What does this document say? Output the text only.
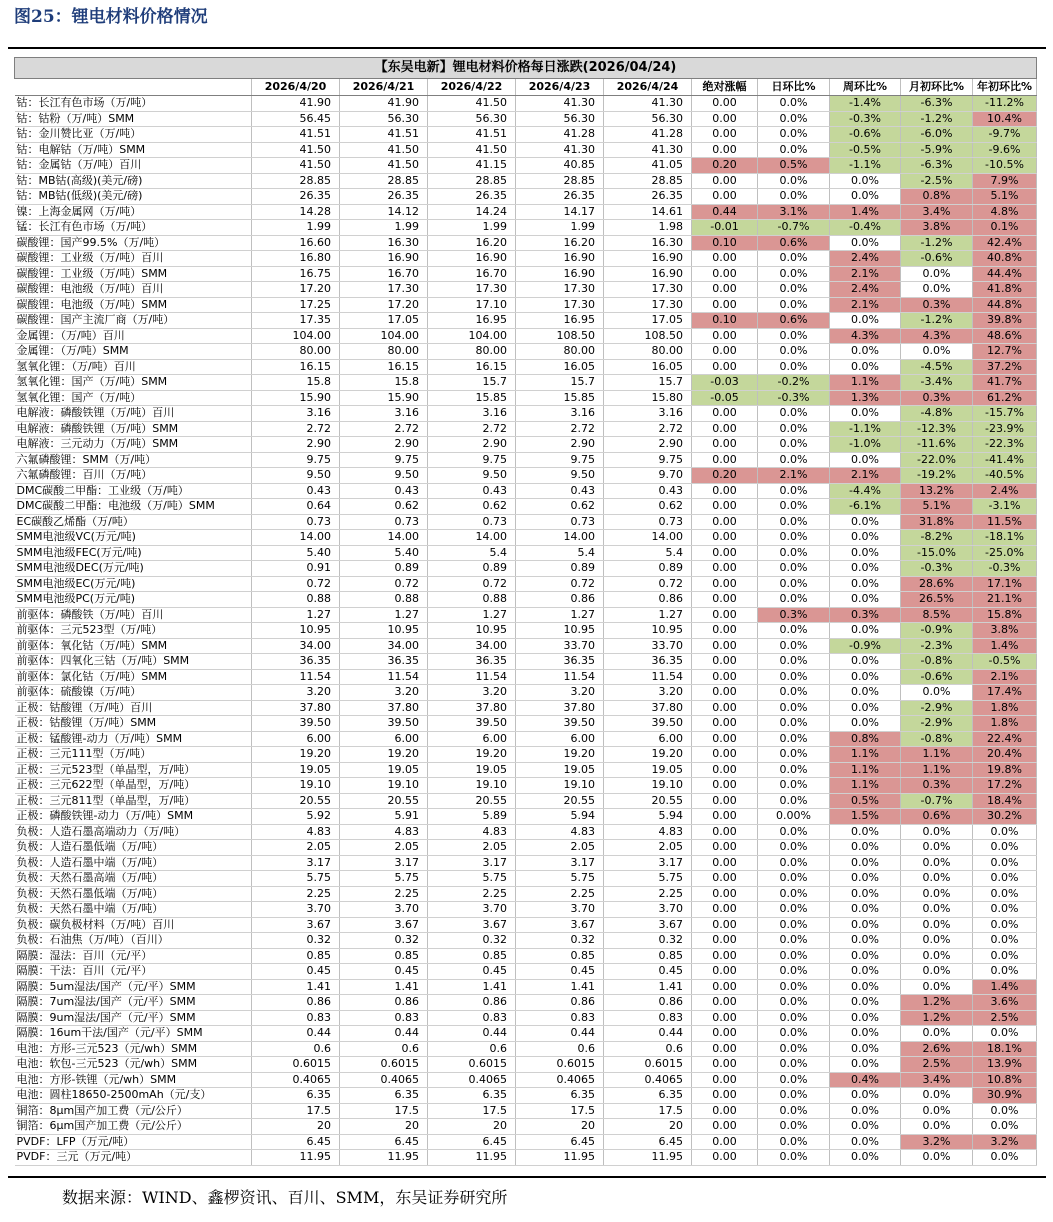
图25：锂电材料价格情况
【东吴电新】锂电材料价格每日涨跌(2026/04/24)										
	2026/4/20	2026/4/21	2026/4/22	2026/4/23	2026/4/24	绝对涨幅	日环比%	周环比%	月初环比%	年初环比%
钴：长江有色市场（万/吨）	41.90	41.90	41.50	41.30	41.30	0.00	0.0%	-1.4%	-6.3%	-11.2%
钴：钴粉（万/吨）SMM	56.45	56.30	56.30	56.30	56.30	0.00	0.0%	-0.3%	-1.2%	10.4%
钴：金川赞比亚（万/吨）	41.51	41.51	41.51	41.28	41.28	0.00	0.0%	-0.6%	-6.0%	-9.7%
钴：电解钴（万/吨）SMM	41.50	41.50	41.50	41.30	41.30	0.00	0.0%	-0.5%	-5.9%	-9.6%
钴：金属钴（万/吨）百川	41.50	41.50	41.15	40.85	41.05	0.20	0.5%	-1.1%	-6.3%	-10.5%
钴：MB钴(高级)(美元/磅)	28.85	28.85	28.85	28.85	28.85	0.00	0.0%	0.0%	-2.5%	7.9%
钴：MB钴(低级)(美元/磅)	26.35	26.35	26.35	26.35	26.35	0.00	0.0%	0.0%	0.8%	5.1%
镍：上海金属网（万/吨）	14.28	14.12	14.24	14.17	14.61	0.44	3.1%	1.4%	3.4%	4.8%
锰：长江有色市场（万/吨）	1.99	1.99	1.99	1.99	1.98	-0.01	-0.7%	-0.4%	3.8%	0.1%
碳酸锂：国产99.5%（万/吨）	16.60	16.30	16.20	16.20	16.30	0.10	0.6%	0.0%	-1.2%	42.4%
碳酸锂：工业级（万/吨）百川	16.80	16.90	16.90	16.90	16.90	0.00	0.0%	2.4%	-0.6%	40.8%
碳酸锂：工业级（万/吨）SMM	16.75	16.70	16.70	16.90	16.90	0.00	0.0%	2.1%	0.0%	44.4%
碳酸锂：电池级（万/吨）百川	17.20	17.30	17.30	17.30	17.30	0.00	0.0%	2.4%	0.0%	41.8%
碳酸锂：电池级（万/吨）SMM	17.25	17.20	17.10	17.30	17.30	0.00	0.0%	2.1%	0.3%	44.8%
碳酸锂：国产主流厂商（万/吨）	17.35	17.05	16.95	16.95	17.05	0.10	0.6%	0.0%	-1.2%	39.8%
金属锂：（万/吨）百川	104.00	104.00	104.00	108.50	108.50	0.00	0.0%	4.3%	4.3%	48.6%
金属锂：（万/吨）SMM	80.00	80.00	80.00	80.00	80.00	0.00	0.0%	0.0%	0.0%	12.7%
氢氧化锂：（万/吨）百川	16.15	16.15	16.15	16.05	16.05	0.00	0.0%	0.0%	-4.5%	37.2%
氢氧化锂：国产（万/吨）SMM	15.8	15.8	15.7	15.7	15.7	-0.03	-0.2%	1.1%	-3.4%	41.7%
氢氧化锂：国产（万/吨）	15.90	15.90	15.85	15.85	15.80	-0.05	-0.3%	1.3%	0.3%	61.2%
电解液：磷酸铁锂（万/吨）百川	3.16	3.16	3.16	3.16	3.16	0.00	0.0%	0.0%	-4.8%	-15.7%
电解液：磷酸铁锂（万/吨）SMM	2.72	2.72	2.72	2.72	2.72	0.00	0.0%	-1.1%	-12.3%	-23.9%
电解液：三元动力（万/吨）SMM	2.90	2.90	2.90	2.90	2.90	0.00	0.0%	-1.0%	-11.6%	-22.3%
六氟磷酸锂：SMM（万/吨）	9.75	9.75	9.75	9.75	9.75	0.00	0.0%	0.0%	-22.0%	-41.4%
六氟磷酸锂：百川（万/吨）	9.50	9.50	9.50	9.50	9.70	0.20	2.1%	2.1%	-19.2%	-40.5%
DMC碳酸二甲酯：工业级（万/吨）	0.43	0.43	0.43	0.43	0.43	0.00	0.0%	-4.4%	13.2%	2.4%
DMC碳酸二甲酯：电池级（万/吨）SMM	0.64	0.62	0.62	0.62	0.62	0.00	0.0%	-6.1%	5.1%	-3.1%
EC碳酸乙烯酯（万/吨）	0.73	0.73	0.73	0.73	0.73	0.00	0.0%	0.0%	31.8%	11.5%
SMM电池级VC(万元/吨)	14.00	14.00	14.00	14.00	14.00	0.00	0.0%	0.0%	-8.2%	-18.1%
SMM电池级FEC(万元/吨)	5.40	5.40	5.4	5.4	5.4	0.00	0.0%	0.0%	-15.0%	-25.0%
SMM电池级DEC(万元/吨)	0.91	0.89	0.89	0.89	0.89	0.00	0.0%	0.0%	-0.3%	-0.3%
SMM电池级EC(万元/吨)	0.72	0.72	0.72	0.72	0.72	0.00	0.0%	0.0%	28.6%	17.1%
SMM电池级PC(万元/吨)	0.88	0.88	0.88	0.86	0.86	0.00	0.0%	0.0%	26.5%	21.1%
前驱体：磷酸铁（万/吨）百川	1.27	1.27	1.27	1.27	1.27	0.00	0.3%	0.3%	8.5%	15.8%
前驱体：三元523型（万/吨）	10.95	10.95	10.95	10.95	10.95	0.00	0.0%	0.0%	-0.9%	3.8%
前驱体：氧化钴（万/吨）SMM	34.00	34.00	34.00	33.70	33.70	0.00	0.0%	-0.9%	-2.3%	1.4%
前驱体：四氧化三钴（万/吨）SMM	36.35	36.35	36.35	36.35	36.35	0.00	0.0%	0.0%	-0.8%	-0.5%
前驱体：氯化钴（万/吨）SMM	11.54	11.54	11.54	11.54	11.54	0.00	0.0%	0.0%	-0.6%	2.1%
前驱体：硫酸镍（万/吨）	3.20	3.20	3.20	3.20	3.20	0.00	0.0%	0.0%	0.0%	17.4%
正极：钴酸锂（万/吨）百川	37.80	37.80	37.80	37.80	37.80	0.00	0.0%	0.0%	-2.9%	1.8%
正极：钴酸锂（万/吨）SMM	39.50	39.50	39.50	39.50	39.50	0.00	0.0%	0.0%	-2.9%	1.8%
正极：锰酸锂-动力（万/吨）SMM	6.00	6.00	6.00	6.00	6.00	0.00	0.0%	0.8%	-0.8%	22.4%
正极：三元111型（万/吨）	19.20	19.20	19.20	19.20	19.20	0.00	0.0%	1.1%	1.1%	20.4%
正极：三元523型（单晶型，万/吨）	19.05	19.05	19.05	19.05	19.05	0.00	0.0%	1.1%	1.1%	19.8%
正极：三元622型（单晶型，万/吨）	19.10	19.10	19.10	19.10	19.10	0.00	0.0%	1.1%	0.3%	17.2%
正极：三元811型（单晶型，万/吨）	20.55	20.55	20.55	20.55	20.55	0.00	0.0%	0.5%	-0.7%	18.4%
正极：磷酸铁锂-动力（万/吨）SMM	5.92	5.91	5.89	5.94	5.94	0.00	0.00%	1.5%	0.6%	30.2%
负极：人造石墨高端动力（万/吨）	4.83	4.83	4.83	4.83	4.83	0.00	0.0%	0.0%	0.0%	0.0%
负极：人造石墨低端（万/吨）	2.05	2.05	2.05	2.05	2.05	0.00	0.0%	0.0%	0.0%	0.0%
负极：人造石墨中端（万/吨）	3.17	3.17	3.17	3.17	3.17	0.00	0.0%	0.0%	0.0%	0.0%
负极：天然石墨高端（万/吨）	5.75	5.75	5.75	5.75	5.75	0.00	0.0%	0.0%	0.0%	0.0%
负极：天然石墨低端（万/吨）	2.25	2.25	2.25	2.25	2.25	0.00	0.0%	0.0%	0.0%	0.0%
负极：天然石墨中端（万/吨）	3.70	3.70	3.70	3.70	3.70	0.00	0.0%	0.0%	0.0%	0.0%
负极：碳负极材料（万/吨）百川	3.67	3.67	3.67	3.67	3.67	0.00	0.0%	0.0%	0.0%	0.0%
负极：石油焦（万/吨）（百川）	0.32	0.32	0.32	0.32	0.32	0.00	0.0%	0.0%	0.0%	0.0%
隔膜：湿法：百川（元/平）	0.85	0.85	0.85	0.85	0.85	0.00	0.0%	0.0%	0.0%	0.0%
隔膜：干法：百川（元/平）	0.45	0.45	0.45	0.45	0.45	0.00	0.0%	0.0%	0.0%	0.0%
隔膜：5um湿法/国产（元/平）SMM	1.41	1.41	1.41	1.41	1.41	0.00	0.0%	0.0%	0.0%	1.4%
隔膜：7um湿法/国产（元/平）SMM	0.86	0.86	0.86	0.86	0.86	0.00	0.0%	0.0%	1.2%	3.6%
隔膜：9um湿法/国产（元/平）SMM	0.83	0.83	0.83	0.83	0.83	0.00	0.0%	0.0%	1.2%	2.5%
隔膜：16um干法/国产（元/平）SMM	0.44	0.44	0.44	0.44	0.44	0.00	0.0%	0.0%	0.0%	0.0%
电池：方形-三元523（元/wh）SMM	0.6	0.6	0.6	0.6	0.6	0.00	0.0%	0.0%	2.6%	18.1%
电池：软包-三元523（元/wh）SMM	0.6015	0.6015	0.6015	0.6015	0.6015	0.00	0.0%	0.0%	2.5%	13.9%
电池：方形-铁锂（元/wh）SMM	0.4065	0.4065	0.4065	0.4065	0.4065	0.00	0.0%	0.4%	3.4%	10.8%
电池：圆柱18650-2500mAh（元/支）	6.35	6.35	6.35	6.35	6.35	0.00	0.0%	0.0%	0.0%	30.9%
铜箔：8μm国产加工费（元/公斤）	17.5	17.5	17.5	17.5	17.5	0.00	0.0%	0.0%	0.0%	0.0%
铜箔：6μm国产加工费（元/公斤）	20	20	20	20	20	0.00	0.0%	0.0%	0.0%	0.0%
PVDF：LFP（万元/吨）	6.45	6.45	6.45	6.45	6.45	0.00	0.0%	0.0%	3.2%	3.2%
PVDF：三元（万元/吨）	11.95	11.95	11.95	11.95	11.95	0.00	0.0%	0.0%	0.0%	0.0%
数据来源：WIND、鑫椤资讯、百川、SMM，东吴证券研究所
